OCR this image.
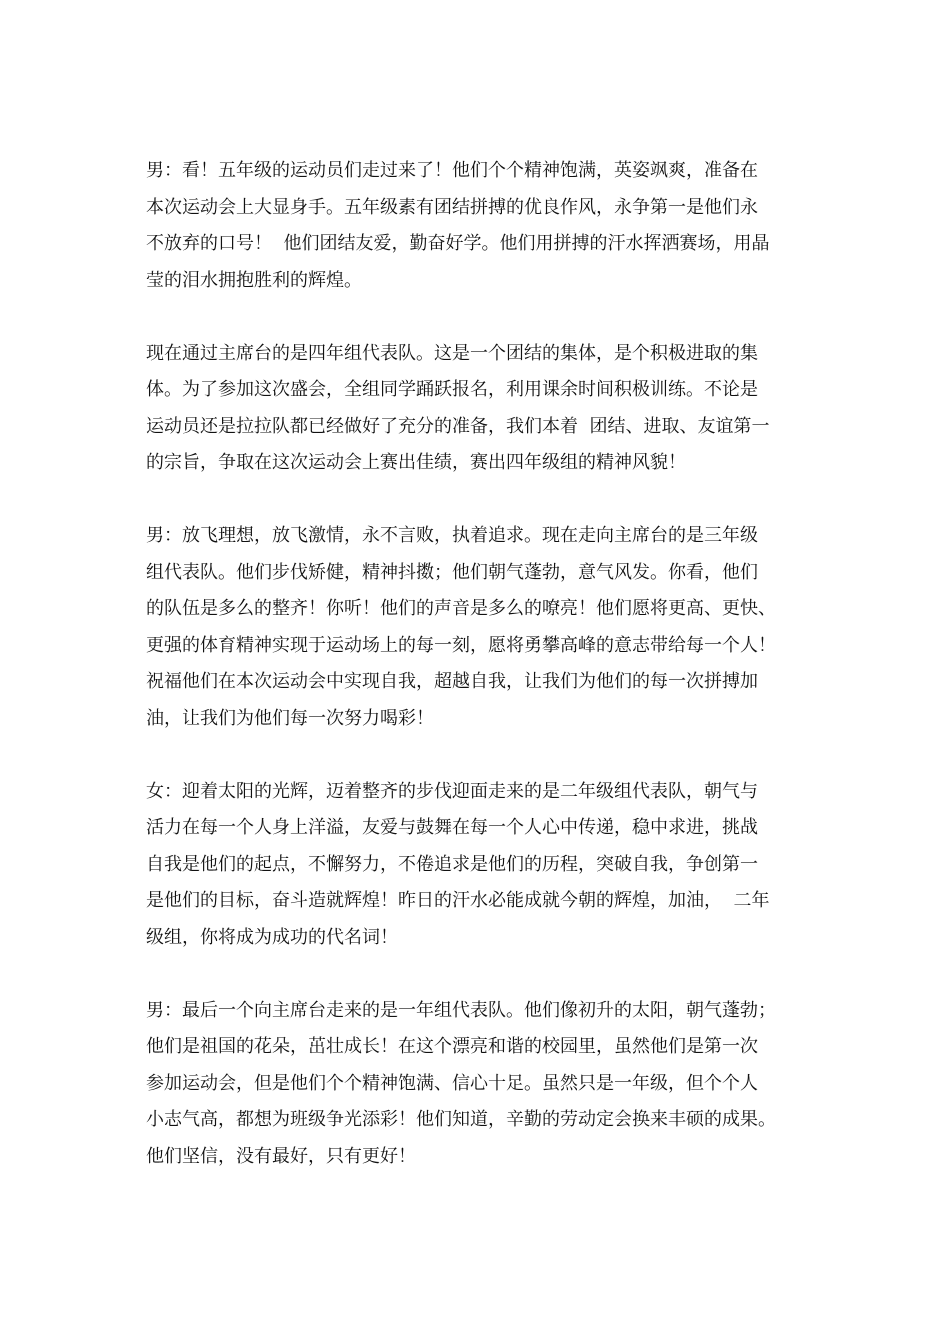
男：看！五年级的运动员们走过来了！他们个个精神饱满，英姿飒爽，准备在
本次运动会上大显身手。五年级素有团结拼搏的优良作风，永争第一是他们永
不放弃的口号！  他们团结友爱，勤奋好学。他们用拼搏的汗水挥洒赛场，用晶
莹的泪水拥抱胜利的辉煌。

现在通过主席台的是四年组代表队。这是一个团结的集体，是个积极进取的集
体。为了参加这次盛会，全组同学踊跃报名，利用课余时间积极训练。不论是
运动员还是拉拉队都已经做好了充分的准备，我们本着  团结、进取、友谊第一
的宗旨，争取在这次运动会上赛出佳绩，赛出四年级组的精神风貌！

男：放飞理想，放飞激情，永不言败，执着追求。现在走向主席台的是三年级
组代表队。他们步伐矫健，精神抖擞；他们朝气蓬勃，意气风发。你看，他们
的队伍是多么的整齐！你听！他们的声音是多么的嘹亮！他们愿将更高、更快、
更强的体育精神实现于运动场上的每一刻，愿将勇攀高峰的意志带给每一个人！
祝福他们在本次运动会中实现自我，超越自我，让我们为他们的每一次拼搏加
油，让我们为他们每一次努力喝彩！

女：迎着太阳的光辉，迈着整齐的步伐迎面走来的是二年级组代表队，朝气与
活力在每一个人身上洋溢，友爱与鼓舞在每一个人心中传递，稳中求进，挑战
自我是他们的起点，不懈努力，不倦追求是他们的历程，突破自我，争创第一
是他们的目标，奋斗造就辉煌！昨日的汗水必能成就今朝的辉煌，加油，  二年
级组，你将成为成功的代名词！

男：最后一个向主席台走来的是一年组代表队。他们像初升的太阳，朝气蓬勃；
他们是祖国的花朵，茁壮成长！在这个漂亮和谐的校园里，虽然他们是第一次
参加运动会，但是他们个个精神饱满、信心十足。虽然只是一年级，但个个人
小志气高，都想为班级争光添彩！他们知道，辛勤的劳动定会换来丰硕的成果。
他们坚信，没有最好，只有更好！
